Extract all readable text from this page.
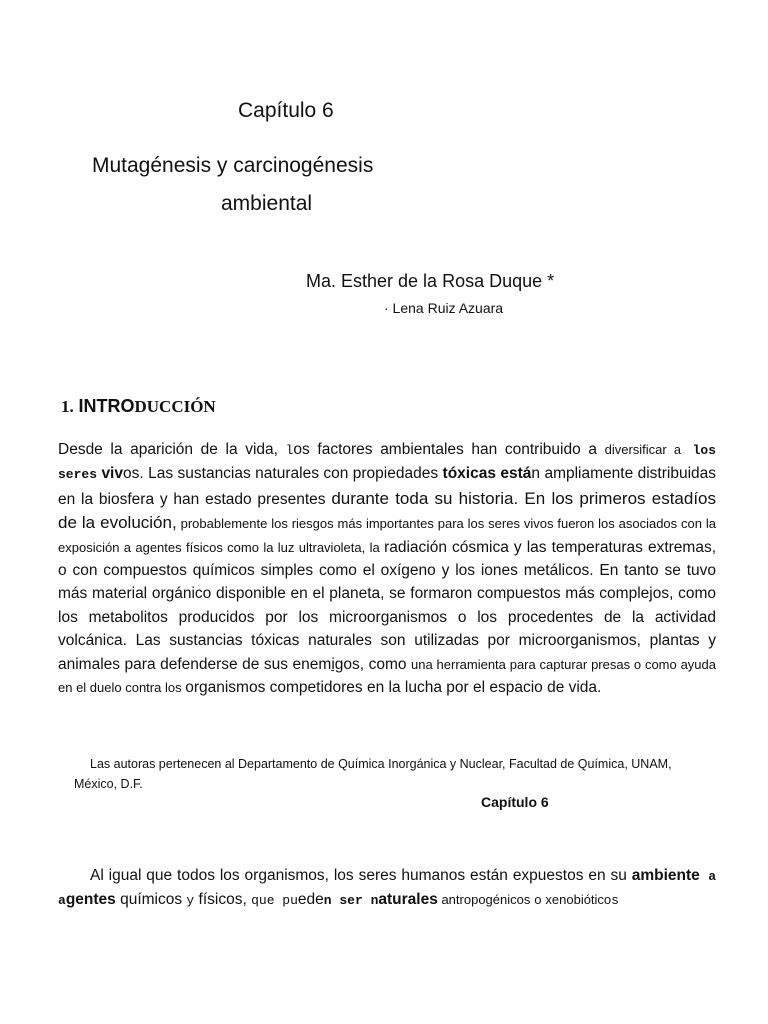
Capítulo 6
Mutagénesis y carcinogénesis
ambiental
Ma. Esther de la Rosa Duque *
· Lena Ruiz Azuara
1. INTRODUCCIÓN
Desde la aparición de la vida, los factores ambientales han contribuido a diversificar a los seres vivos. Las sustancias naturales con propiedades tóxicas están ampliamente distribuidas en la biosfera y han estado presentes durante toda su historia. En los primeros estadíos de la evolución, probablemente los riesgos más importantes para los seres vivos fueron los asociados con la exposición a agentes físicos como la luz ultravioleta, la radiación cósmica y las temperaturas extremas, o con compuestos químicos simples como el oxígeno y los iones metálicos. En tanto se tuvo más material orgánico disponible en el planeta, se formaron compuestos más complejos, como los metabolitos producidos por los microorganismos o los procedentes de la actividad volcánica. Las sustancias tóxicas naturales son utilizadas por microorganismos, plantas y animales para defenderse de sus enemigos, como una herramienta para capturar presas o como ayuda en el duelo contra los organismos competidores en la lucha por el espacio de vida.
Las autoras pertenecen al Departamento de Química Inorgánica y Nuclear, Facultad de Química, UNAM, México, D.F.
Capítulo 6
Al igual que todos los organismos, los seres humanos están expuestos en su ambiente a agentes químicos y físicos, que pueden ser naturales antropogénicos o xenobióticos
